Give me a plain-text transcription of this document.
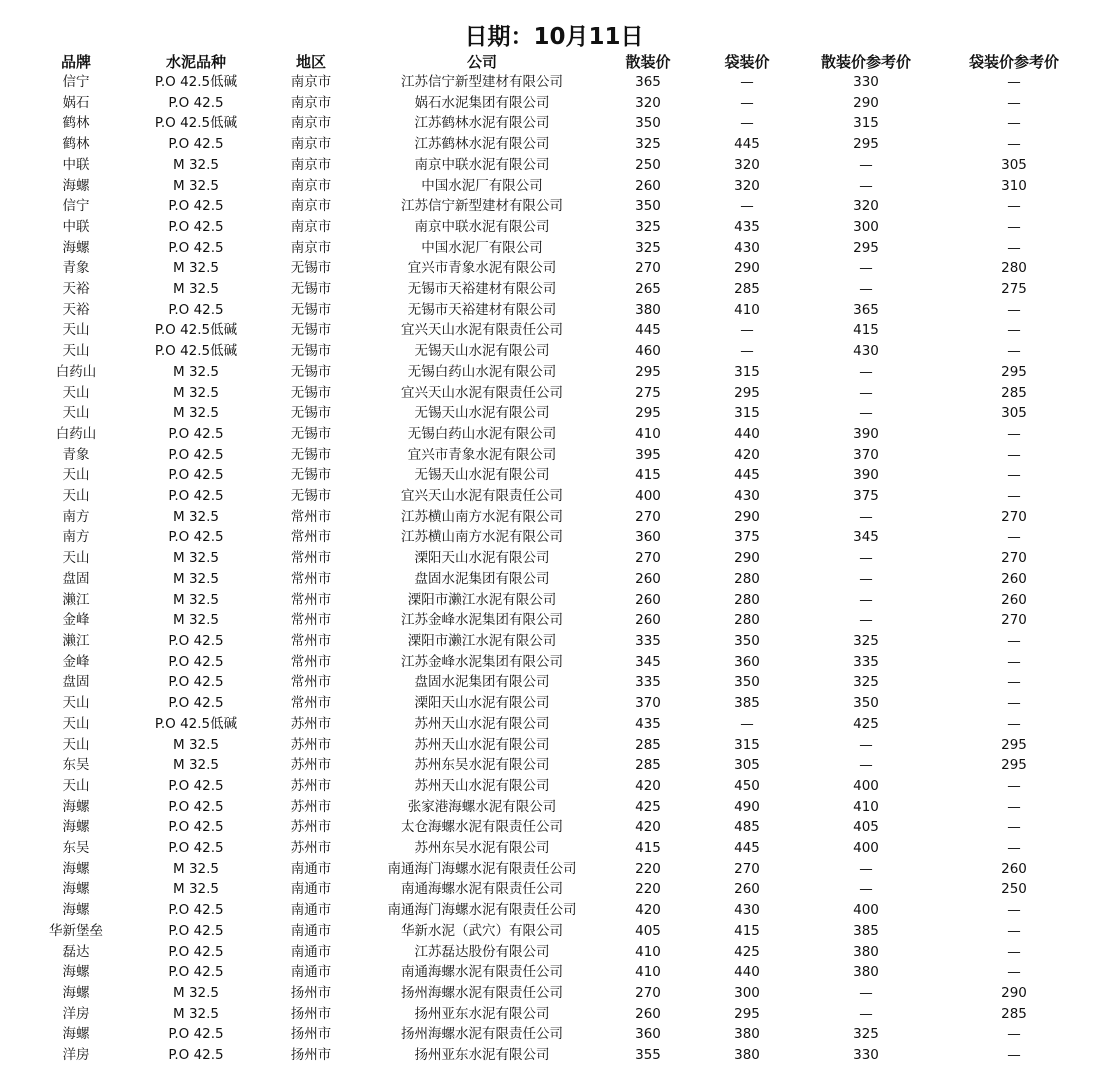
日期：10月11日
品牌	水泥品种	地区	公司	散装价	袋装价	散装价参考价	袋装价参考价
信宁	P.O 42.5低碱	南京市	江苏信宁新型建材有限公司	365	—	330	—
娲石	P.O 42.5	南京市	娲石水泥集团有限公司	320	—	290	—
鹤林	P.O 42.5低碱	南京市	江苏鹤林水泥有限公司	350	—	315	—
鹤林	P.O 42.5	南京市	江苏鹤林水泥有限公司	325	445	295	—
中联	M 32.5	南京市	南京中联水泥有限公司	250	320	—	305
海螺	M 32.5	南京市	中国水泥厂有限公司	260	320	—	310
信宁	P.O 42.5	南京市	江苏信宁新型建材有限公司	350	—	320	—
中联	P.O 42.5	南京市	南京中联水泥有限公司	325	435	300	—
海螺	P.O 42.5	南京市	中国水泥厂有限公司	325	430	295	—
青象	M 32.5	无锡市	宜兴市青象水泥有限公司	270	290	—	280
天裕	M 32.5	无锡市	无锡市天裕建材有限公司	265	285	—	275
天裕	P.O 42.5	无锡市	无锡市天裕建材有限公司	380	410	365	—
天山	P.O 42.5低碱	无锡市	宜兴天山水泥有限责任公司	445	—	415	—
天山	P.O 42.5低碱	无锡市	无锡天山水泥有限公司	460	—	430	—
白药山	M 32.5	无锡市	无锡白药山水泥有限公司	295	315	—	295
天山	M 32.5	无锡市	宜兴天山水泥有限责任公司	275	295	—	285
天山	M 32.5	无锡市	无锡天山水泥有限公司	295	315	—	305
白药山	P.O 42.5	无锡市	无锡白药山水泥有限公司	410	440	390	—
青象	P.O 42.5	无锡市	宜兴市青象水泥有限公司	395	420	370	—
天山	P.O 42.5	无锡市	无锡天山水泥有限公司	415	445	390	—
天山	P.O 42.5	无锡市	宜兴天山水泥有限责任公司	400	430	375	—
南方	M 32.5	常州市	江苏横山南方水泥有限公司	270	290	—	270
南方	P.O 42.5	常州市	江苏横山南方水泥有限公司	360	375	345	—
天山	M 32.5	常州市	溧阳天山水泥有限公司	270	290	—	270
盘固	M 32.5	常州市	盘固水泥集团有限公司	260	280	—	260
濑江	M 32.5	常州市	溧阳市濑江水泥有限公司	260	280	—	260
金峰	M 32.5	常州市	江苏金峰水泥集团有限公司	260	280	—	270
濑江	P.O 42.5	常州市	溧阳市濑江水泥有限公司	335	350	325	—
金峰	P.O 42.5	常州市	江苏金峰水泥集团有限公司	345	360	335	—
盘固	P.O 42.5	常州市	盘固水泥集团有限公司	335	350	325	—
天山	P.O 42.5	常州市	溧阳天山水泥有限公司	370	385	350	—
天山	P.O 42.5低碱	苏州市	苏州天山水泥有限公司	435	—	425	—
天山	M 32.5	苏州市	苏州天山水泥有限公司	285	315	—	295
东吴	M 32.5	苏州市	苏州东吴水泥有限公司	285	305	—	295
天山	P.O 42.5	苏州市	苏州天山水泥有限公司	420	450	400	—
海螺	P.O 42.5	苏州市	张家港海螺水泥有限公司	425	490	410	—
海螺	P.O 42.5	苏州市	太仓海螺水泥有限责任公司	420	485	405	—
东吴	P.O 42.5	苏州市	苏州东吴水泥有限公司	415	445	400	—
海螺	M 32.5	南通市	南通海门海螺水泥有限责任公司	220	270	—	260
海螺	M 32.5	南通市	南通海螺水泥有限责任公司	220	260	—	250
海螺	P.O 42.5	南通市	南通海门海螺水泥有限责任公司	420	430	400	—
华新堡垒	P.O 42.5	南通市	华新水泥（武穴）有限公司	405	415	385	—
磊达	P.O 42.5	南通市	江苏磊达股份有限公司	410	425	380	—
海螺	P.O 42.5	南通市	南通海螺水泥有限责任公司	410	440	380	—
海螺	M 32.5	扬州市	扬州海螺水泥有限责任公司	270	300	—	290
洋房	M 32.5	扬州市	扬州亚东水泥有限公司	260	295	—	285
海螺	P.O 42.5	扬州市	扬州海螺水泥有限责任公司	360	380	325	—
洋房	P.O 42.5	扬州市	扬州亚东水泥有限公司	355	380	330	—
